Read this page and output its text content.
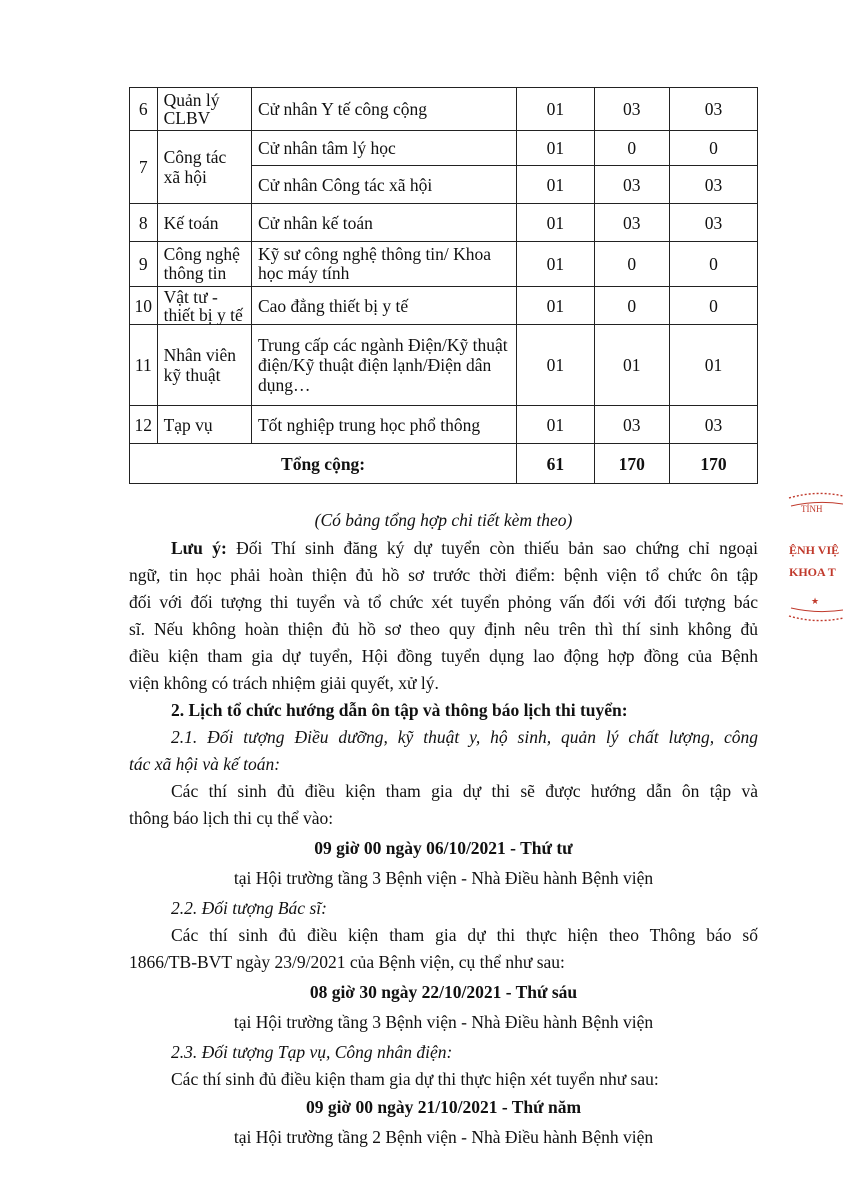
6	Quản lý CLBV	Cử nhân Y tế công cộng	01	03	03
7	Công tác xã hội	Cử nhân tâm lý học	01	0	0
		Cử nhân Công tác xã hội	01	03	03
8	Kế toán	Cử nhân kế toán	01	03	03
9	Công nghệ thông tin	Kỹ sư công nghệ thông tin/ Khoa học máy tính	01	0	0
10	Vật tư - thiết bị y tế	Cao đẳng thiết bị y tế	01	0	0
11	Nhân viên kỹ thuật	Trung cấp các ngành Điện/Kỹ thuật điện/Kỹ thuật điện lạnh/Điện dân dụng…	01	01	01
12	Tạp vụ	Tốt nghiệp trung học phổ thông	01	03	03
Tổng cộng:			61	170	170
(Có bảng tổng hợp chi tiết kèm theo)
Lưu ý: Đối Thí sinh đăng ký dự tuyển còn thiếu bản sao chứng chỉ ngoại
ngữ, tin học phải hoàn thiện đủ hồ sơ trước thời điểm: bệnh viện tổ chức ôn tập
đối với đối tượng thi tuyển và tổ chức xét tuyển phỏng vấn đối với đối tượng bác
sĩ. Nếu không hoàn thiện đủ hồ sơ theo quy định nêu trên thì thí sinh không đủ
điều kiện tham gia dự tuyển, Hội đồng tuyển dụng lao động hợp đồng của Bệnh
viện không có trách nhiệm giải quyết, xử lý.
2. Lịch tổ chức hướng dẫn ôn tập và thông báo lịch thi tuyển:
2.1. Đối tượng Điều dưỡng, kỹ thuật y, hộ sinh, quản lý chất lượng, công
tác xã hội và kế toán:
Các thí sinh đủ điều kiện tham gia dự thi sẽ được hướng dẫn ôn tập và
thông báo lịch thi cụ thể vào:
09 giờ 00 ngày 06/10/2021 - Thứ tư
tại Hội trường tầng 3 Bệnh viện - Nhà Điều hành Bệnh viện
2.2. Đối tượng Bác sĩ:
Các thí sinh đủ điều kiện tham gia dự thi thực hiện theo Thông báo số
1866/TB-BVT ngày 23/9/2021 của Bệnh viện, cụ thể như sau:
08 giờ 30 ngày 22/10/2021 - Thứ sáu
tại Hội trường tầng 3 Bệnh viện - Nhà Điều hành Bệnh viện
2.3. Đối tượng Tạp vụ, Công nhân điện:
Các thí sinh đủ điều kiện tham gia dự thi thực hiện xét tuyển như sau:
09 giờ 00 ngày 21/10/2021 - Thứ năm
tại Hội trường tầng 2 Bệnh viện - Nhà Điều hành Bệnh viện
TỈNH
ỆNH VIỆ
KHOA T
★
